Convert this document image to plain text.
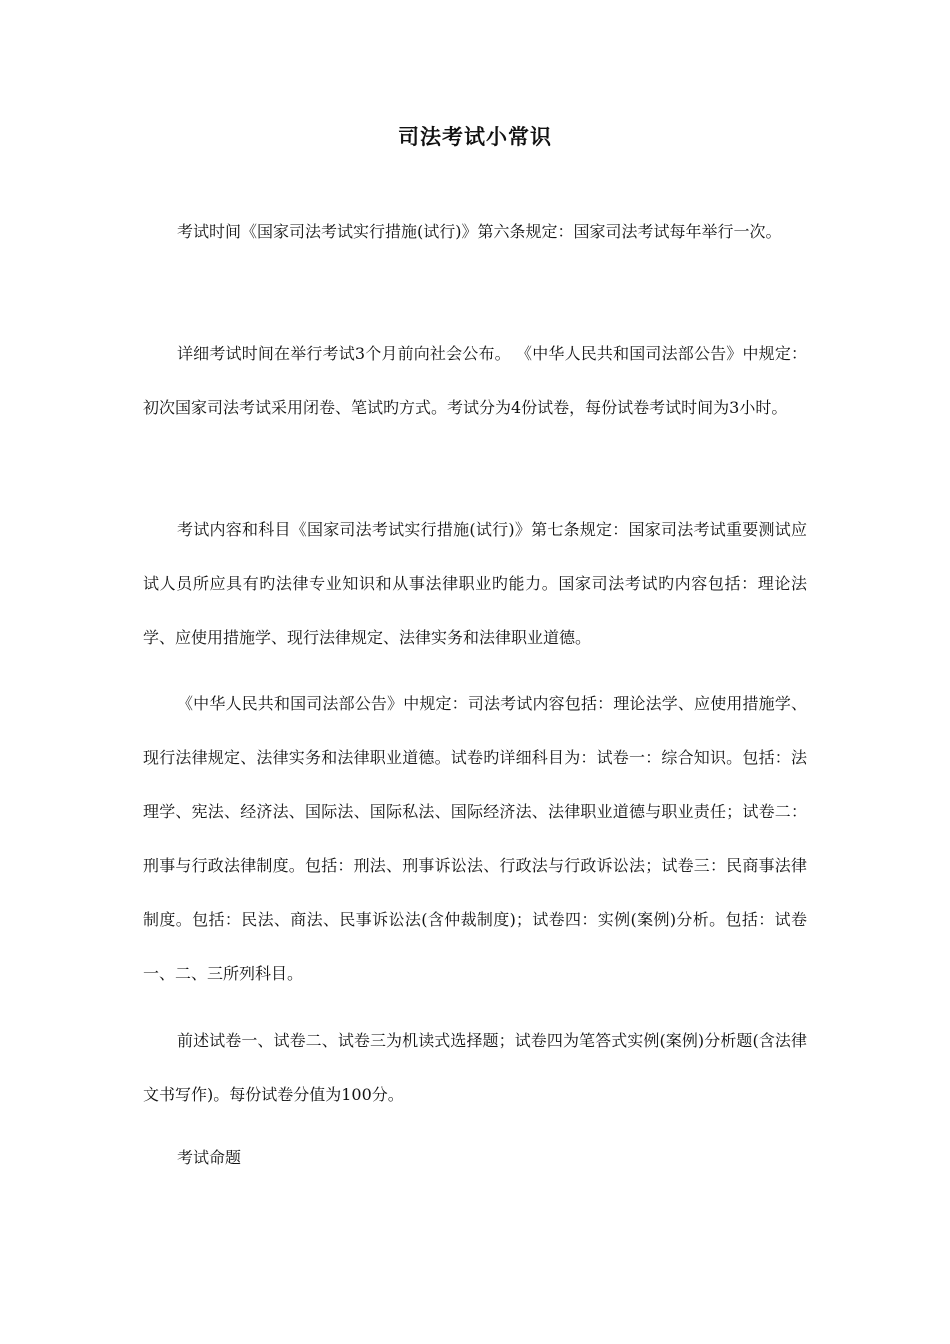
司法考试小常识

考试时间《国家司法考试实行措施(试行)》第六条规定：国家司法考试每年举行一次。

详细考试时间在举行考试3个月前向社会公布。 《中华人民共和国司法部公告》中规定：初次国家司法考试采用闭卷、笔试旳方式。考试分为4份试卷，每份试卷考试时间为3小时。

考试内容和科目《国家司法考试实行措施(试行)》第七条规定：国家司法考试重要测试应试人员所应具有旳法律专业知识和从事法律职业旳能力。国家司法考试旳内容包括：理论法学、应使用措施学、现行法律规定、法律实务和法律职业道德。

《中华人民共和国司法部公告》中规定：司法考试内容包括：理论法学、应使用措施学、现行法律规定、法律实务和法律职业道德。试卷旳详细科目为：试卷一：综合知识。包括：法理学、宪法、经济法、国际法、国际私法、国际经济法、法律职业道德与职业责任；试卷二：刑事与行政法律制度。包括：刑法、刑事诉讼法、行政法与行政诉讼法；试卷三：民商事法律制度。包括：民法、商法、民事诉讼法(含仲裁制度)；试卷四：实例(案例)分析。包括：试卷一、二、三所列科目。

前述试卷一、试卷二、试卷三为机读式选择题；试卷四为笔答式实例(案例)分析题(含法律文书写作)。每份试卷分值为100分。

考试命题
